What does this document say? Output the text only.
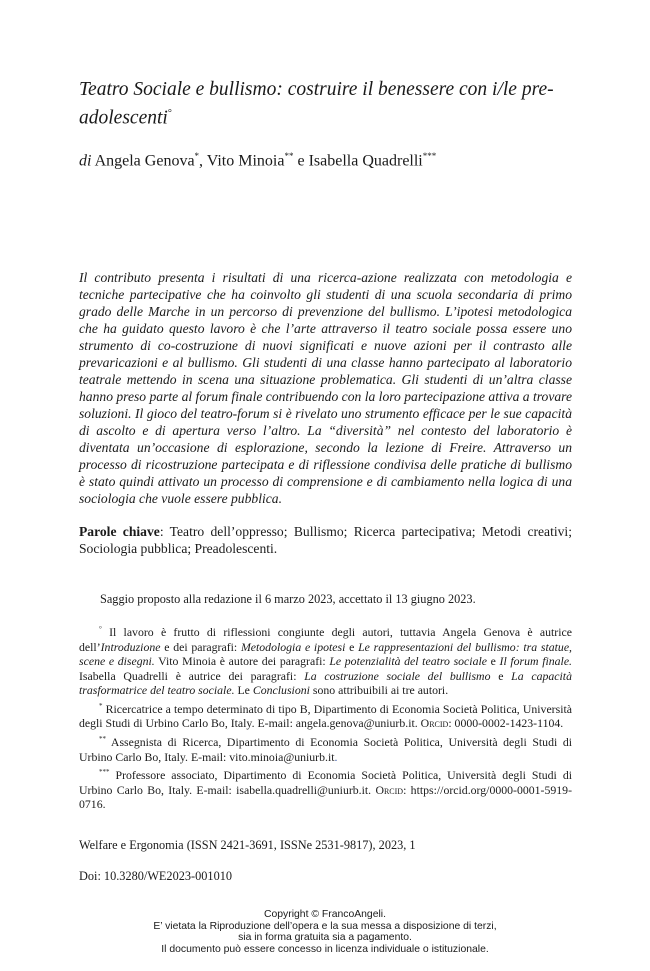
Teatro Sociale e bullismo: costruire il benessere con i/le pre-adolescenti°

di Angela Genova*, Vito Minoia** e Isabella Quadrelli***

Il contributo presenta i risultati di una ricerca-azione realizzata con metodologia e tecniche partecipative che ha coinvolto gli studenti di una scuola secondaria di primo grado delle Marche in un percorso di prevenzione del bullismo. L’ipotesi metodologica che ha guidato questo lavoro è che l’arte attraverso il teatro sociale possa essere uno strumento di co-costruzione di nuovi significati e nuove azioni per il contrasto alle prevaricazioni e al bullismo. Gli studenti di una classe hanno partecipato al laboratorio teatrale mettendo in scena una situazione problematica. Gli studenti di un’altra classe hanno preso parte al forum finale contribuendo con la loro partecipazione attiva a trovare soluzioni. Il gioco del teatro-forum si è rivelato uno strumento efficace per le sue capacità di ascolto e di apertura verso l’altro. La “diversità” nel contesto del laboratorio è diventata un’occasione di esplorazione, secondo la lezione di Freire. Attraverso un processo di ricostruzione partecipata e di riflessione condivisa delle pratiche di bullismo è stato quindi attivato un processo di comprensione e di cambiamento nella logica di una sociologia che vuole essere pubblica.

Parole chiave: Teatro dell’oppresso; Bullismo; Ricerca partecipativa; Metodi creativi; Sociologia pubblica; Preadolescenti.

Saggio proposto alla redazione il 6 marzo 2023, accettato il 13 giugno 2023.

° Il lavoro è frutto di riflessioni congiunte degli autori, tuttavia Angela Genova è autrice dell’Introduzione e dei paragrafi: Metodologia e ipotesi e Le rappresentazioni del bullismo: tra statue, scene e disegni. Vito Minoia è autore dei paragrafi: Le potenzialità del teatro sociale e Il forum finale. Isabella Quadrelli è autrice dei paragrafi: La costruzione sociale del bullismo e La capacità trasformatrice del teatro sociale. Le Conclusioni sono attribuibili ai tre autori.

* Ricercatrice a tempo determinato di tipo B, Dipartimento di Economia Società Politica, Università degli Studi di Urbino Carlo Bo, Italy. E-mail: angela.genova@uniurb.it. Orcid: 0000-0002-1423-1104.

** Assegnista di Ricerca, Dipartimento di Economia Società Politica, Università degli Studi di Urbino Carlo Bo, Italy. E-mail: vito.minoia@uniurb.it.

*** Professore associato, Dipartimento di Economia Società Politica, Università degli Studi di Urbino Carlo Bo, Italy. E-mail: isabella.quadrelli@uniurb.it. Orcid: https://orcid.org/0000-0001-5919-0716.

Welfare e Ergonomia (ISSN 2421-3691, ISSNe 2531-9817), 2023, 1

Doi: 10.3280/WE2023-001010

Copyright © FrancoAngeli.
E’ vietata la Riproduzione dell’opera e la sua messa a disposizione di terzi,
sia in forma gratuita sia a pagamento.
Il documento può essere concesso in licenza individuale o istituzionale.
